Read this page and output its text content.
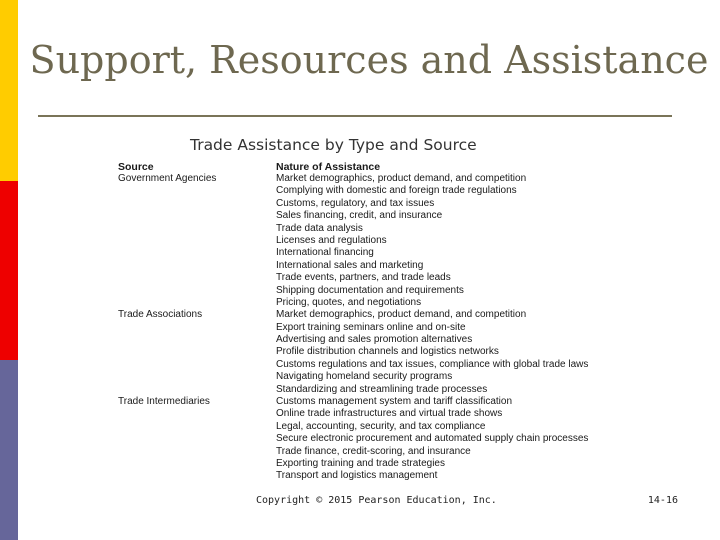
Support, Resources and Assistance
Trade Assistance by Type and Source
Source	Nature of Assistance
Government Agencies	Market demographics, product demand, and competition
Complying with domestic and foreign trade regulations
Customs, regulatory, and tax issues
Sales financing, credit, and insurance
Trade data analysis
Licenses and regulations
International financing
International sales and marketing
Trade events, partners, and trade leads
Shipping documentation and requirements
Pricing, quotes, and negotiations
Trade Associations	Market demographics, product demand, and competition
Export training seminars online and on-site
Advertising and sales promotion alternatives
Profile distribution channels and logistics networks
Customs regulations and tax issues, compliance with global trade laws
Navigating homeland security programs
Standardizing and streamlining trade processes
Trade Intermediaries	Customs management system and tariff classification
Online trade infrastructures and virtual trade shows
Legal, accounting, security, and tax compliance
Secure electronic procurement and automated supply chain processes
Trade finance, credit-scoring, and insurance
Exporting training and trade strategies
Transport and logistics management
Copyright © 2015 Pearson Education, Inc.	14-16
